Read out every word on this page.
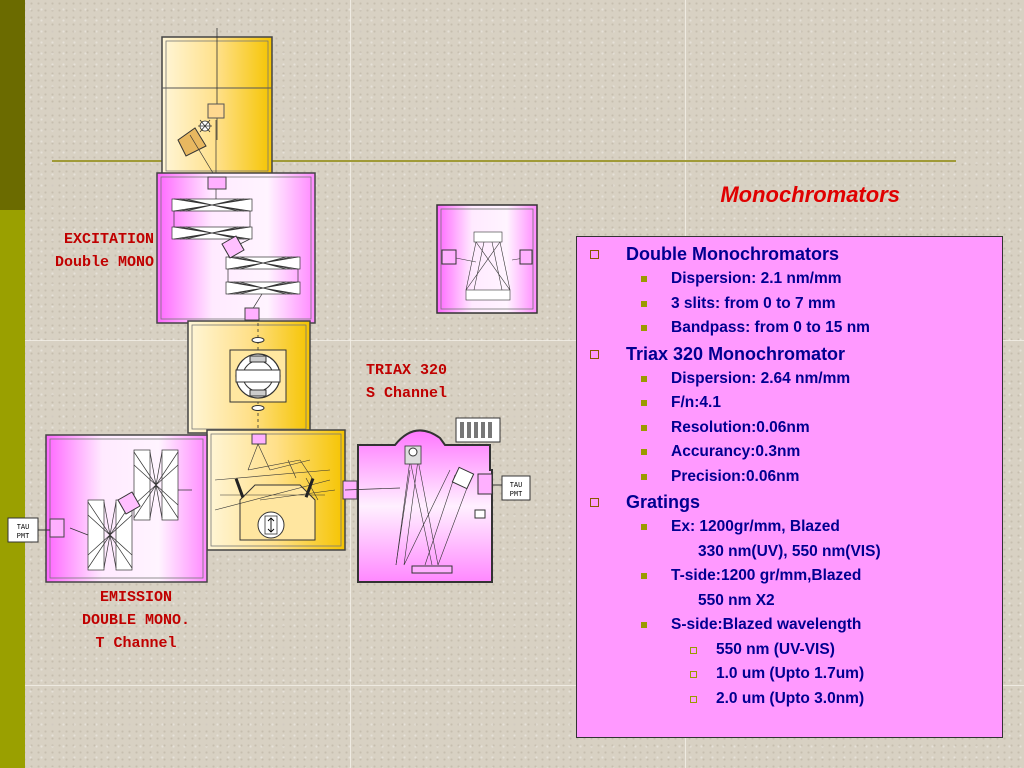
Monochromators
TAU
PMT
TAU
PMT
EXCITATION
Double MONO
TRIAX 320
S Channel
EMISSION
DOUBLE MONO.
T Channel
Double Monochromators
Dispersion: 2.1 nm/mm
3 slits: from 0 to 7 mm
Bandpass: from 0 to 15 nm
Triax 320 Monochromator
Dispersion: 2.64 nm/mm
F/n:4.1
Resolution:0.06nm
Accurancy:0.3nm
Precision:0.06nm
Gratings
Ex: 1200gr/mm, Blazed
330 nm(UV), 550 nm(VIS)
T-side:1200 gr/mm,Blazed
550 nm X2
S-side:Blazed wavelength
550 nm (UV-VIS)
1.0 um (Upto 1.7um)
2.0 um (Upto 3.0nm)
